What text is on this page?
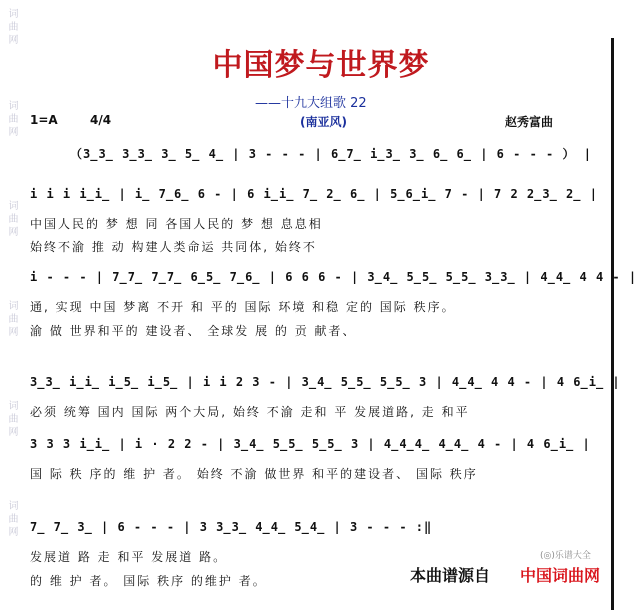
词曲网
词曲网
词曲网
词曲网
词曲网
词曲网
中国梦与世界梦
——十九大组歌 22
1=A	4/4	(南亚风)	赵秀富曲
（3̲3̲ 3̲3̲ 3̲ 5̲ 4̲ | 3 - - - | 6̲7̲ i̲3̲ 3̲ 6̲ 6̲ | 6 - - - ） |
i i i i̲i̲ | i̲ 7̲6̲ 6 - | 6 i̲i̲ 7̲ 2̲ 6̲ | 5̲6̲i̲ 7 - | 7 2 2̲3̲ 2̲ |
中国人民的 梦 想 同 各国人民的 梦 想 息息相
始终不渝 推 动 构建人类命运 共同体, 始终不
i - - - | 7̲7̲ 7̲7̲ 6̲5̲ 7̲6̲ | 6 6 6 - | 3̲4̲ 5̲5̲ 5̲5̲ 3̲3̲ | 4̲4̲ 4 4 - |
通, 实现 中国 梦离 不开 和 平的 国际 环境 和稳 定的 国际 秩序。
渝 做 世界和平的 建设者、 全球发 展 的 贡 献者、
3̲3̲ i̲i̲ i̲5̲ i̲5̲ | i i 2 3 - | 3̲4̲ 5̲5̲ 5̲5̲ 3 | 4̲4̲ 4 4 - | 4 6̲i̲ |
必须 统筹 国内 国际 两个大局, 始终 不渝 走和 平 发展道路, 走 和平
3 3 3 i̲i̲ | i · 2 2 - | 3̲4̲ 5̲5̲ 5̲5̲ 3 | 4̲4̲4̲ 4̲4̲ 4 - | 4 6̲i̲ |
国 际 秩 序的 维 护 者。 始终 不渝 做世界 和平的建设者、 国际 秩序
7̲ 7̲ 3̲ | 6 - - - | 3 3̲3̲ 4̲4̲ 5̲4̲ | 3 - - - :‖
发展道 路 走 和平 发展道 路。
的 维 护 者。 国际 秩序 的维护 者。
(◎)乐谱大全
本曲谱源自 中国词曲网
